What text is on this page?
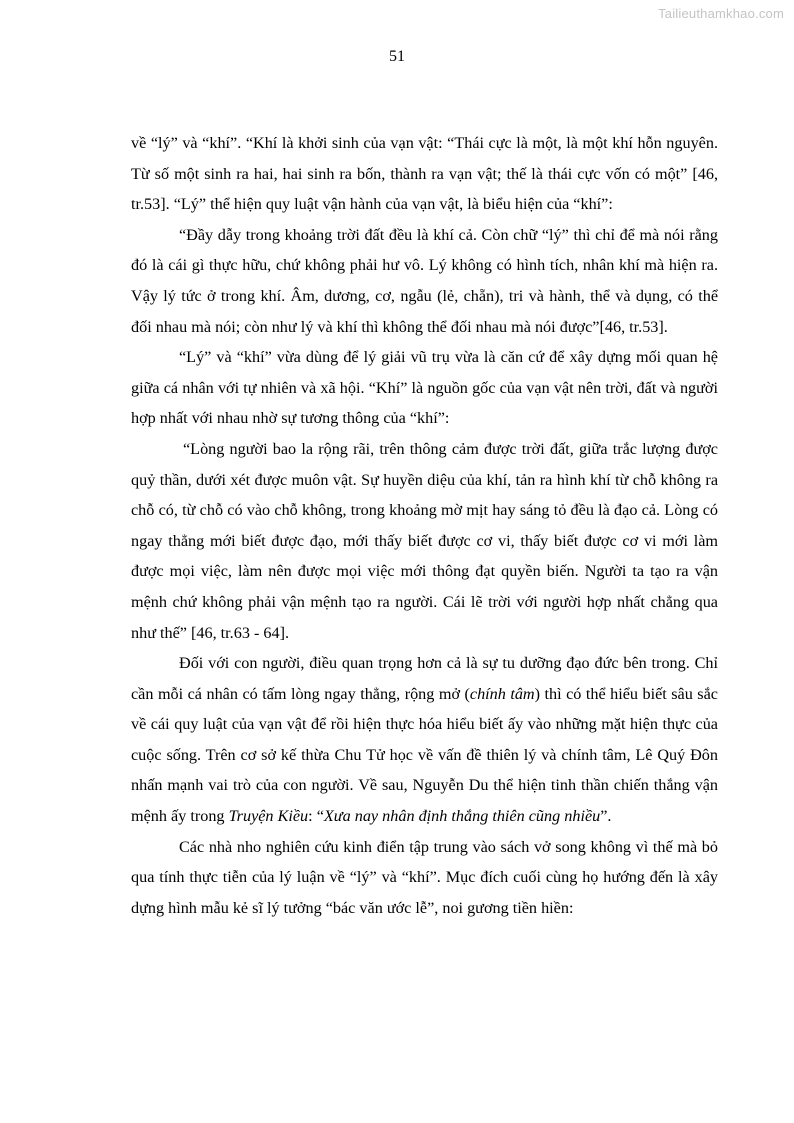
Tailieuthamkhao.com
51

về “lý” và “khí”. “Khí là khởi sinh của vạn vật: “Thái cực là một, là một khí hỗn nguyên. Từ số một sinh ra hai, hai sinh ra bốn, thành ra vạn vật; thế là thái cực vốn có một” [46, tr.53]. “Lý” thể hiện quy luật vận hành của vạn vật, là biểu hiện của “khí”:

“Đầy dẫy trong khoảng trời đất đều là khí cả. Còn chữ “lý” thì chỉ để mà nói rằng đó là cái gì thực hữu, chứ không phải hư vô. Lý không có hình tích, nhân khí mà hiện ra. Vậy lý tức ở trong khí. Âm, dương, cơ, ngẫu (lẻ, chẵn), tri và hành, thể và dụng, có thể đối nhau mà nói; còn như lý và khí thì không thể đối nhau mà nói được”[46, tr.53].

“Lý” và “khí” vừa dùng để lý giải vũ trụ vừa là căn cứ để xây dựng mối quan hệ giữa cá nhân với tự nhiên và xã hội. “Khí” là nguồn gốc của vạn vật nên trời, đất và người hợp nhất với nhau nhờ sự tương thông của “khí”:

“Lòng người bao la rộng rãi, trên thông cảm được trời đất, giữa trắc lượng được quỷ thần, dưới xét được muôn vật. Sự huyền diệu của khí, tản ra hình khí từ chỗ không ra chỗ có, từ chỗ có vào chỗ không, trong khoảng mờ mịt hay sáng tỏ đều là đạo cả. Lòng có ngay thẳng mới biết được đạo, mới thấy biết được cơ vi, thấy biết được cơ vi mới làm được mọi việc, làm nên được mọi việc mới thông đạt quyền biến. Người ta tạo ra vận mệnh chứ không phải vận mệnh tạo ra người. Cái lẽ trời với người hợp nhất chẳng qua như thế” [46, tr.63 - 64].

Đối với con người, điều quan trọng hơn cả là sự tu dưỡng đạo đức bên trong. Chỉ cần mỗi cá nhân có tấm lòng ngay thẳng, rộng mở (chính tâm) thì có thể hiểu biết sâu sắc về cái quy luật của vạn vật để rồi hiện thực hóa hiểu biết ấy vào những mặt hiện thực của cuộc sống. Trên cơ sở kế thừa Chu Tử học về vấn đề thiên lý và chính tâm, Lê Quý Đôn nhấn mạnh vai trò của con người. Về sau, Nguyễn Du thể hiện tinh thần chiến thắng vận mệnh ấy trong Truyện Kiều: “Xưa nay nhân định thắng thiên cũng nhiều”.

Các nhà nho nghiên cứu kinh điển tập trung vào sách vở song không vì thế mà bỏ qua tính thực tiễn của lý luận về “lý” và “khí”. Mục đích cuối cùng họ hướng đến là xây dựng hình mẫu kẻ sĩ lý tưởng “bác văn ước lễ”, noi gương tiền hiền:
